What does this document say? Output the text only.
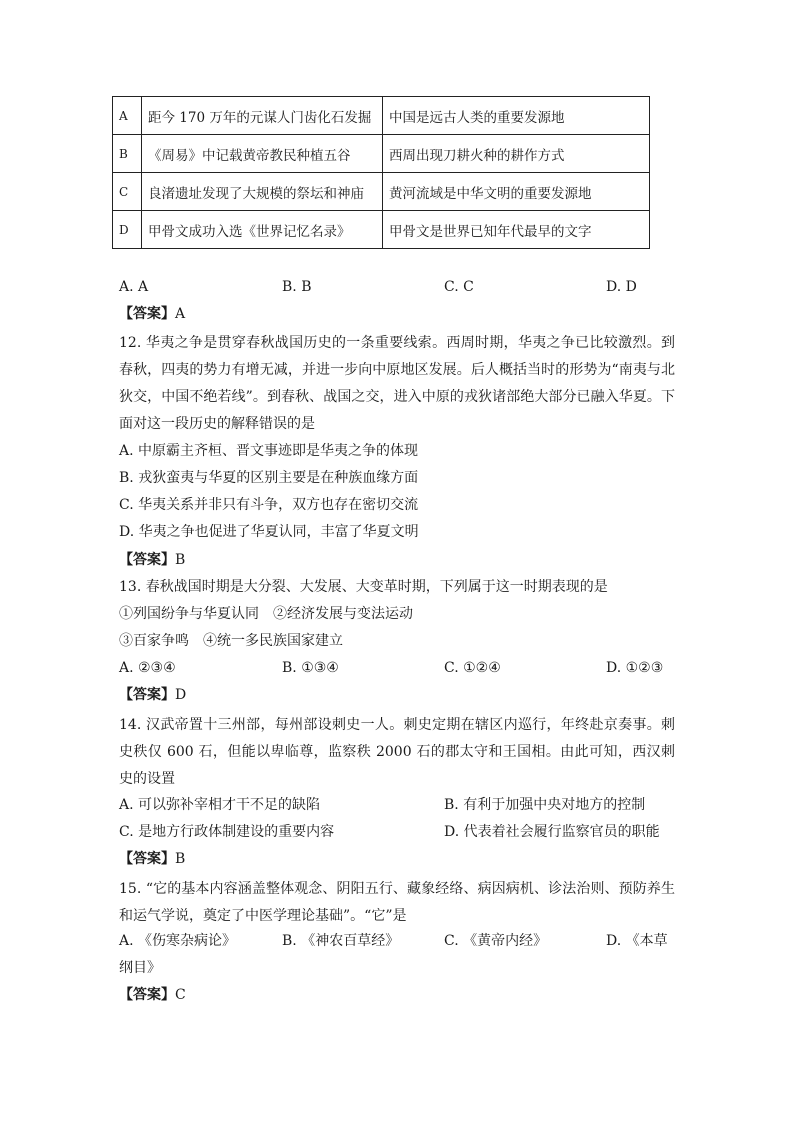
A	距今 170 万年的元谋人门齿化石发掘	中国是远古人类的重要发源地
B	《周易》中记载黄帝教民种植五谷	西周出现刀耕火种的耕作方式
C	良渚遗址发现了大规模的祭坛和神庙	黄河流域是中华文明的重要发源地
D	甲骨文成功入选《世界记忆名录》	甲骨文是世界已知年代最早的文字
A. A	B. B	C. C	D. D
【答案】A
12. 华夷之争是贯穿春秋战国历史的一条重要线索。西周时期，华夷之争已比较激烈。到春秋，四夷的势力有增无减，并进一步向中原地区发展。后人概括当时的形势为“南夷与北狄交，中国不绝若线”。到春秋、战国之交，进入中原的戎狄诸部绝大部分已融入华夏。下面对这一段历史的解释错误的是
A. 中原霸主齐桓、晋文事迹即是华夷之争的体现
B. 戎狄蛮夷与华夏的区别主要是在种族血缘方面
C. 华夷关系并非只有斗争，双方也存在密切交流
D. 华夷之争也促进了华夏认同，丰富了华夏文明
【答案】B
13. 春秋战国时期是大分裂、大发展、大变革时期，下列属于这一时期表现的是
①列国纷争与华夏认同　②经济发展与变法运动
③百家争鸣　④统一多民族国家建立
A. ②③④	B. ①③④	C. ①②④	D. ①②③
【答案】D
14. 汉武帝置十三州部，每州部设刺史一人。刺史定期在辖区内巡行，年终赴京奏事。刺史秩仅 600 石，但能以卑临尊，监察秩 2000 石的郡太守和王国相。由此可知，西汉刺史的设置
A. 可以弥补宰相才干不足的缺陷	B. 有利于加强中央对地方的控制
C. 是地方行政体制建设的重要内容	D. 代表着社会履行监察官员的职能
【答案】B
15. “它的基本内容涵盖整体观念、阴阳五行、藏象经络、病因病机、诊法治则、预防养生和运气学说，奠定了中医学理论基础”。“它”是
A. 《伤寒杂病论》	B. 《神农百草经》	C. 《黄帝内经》	D. 《本草
纲目》
【答案】C
